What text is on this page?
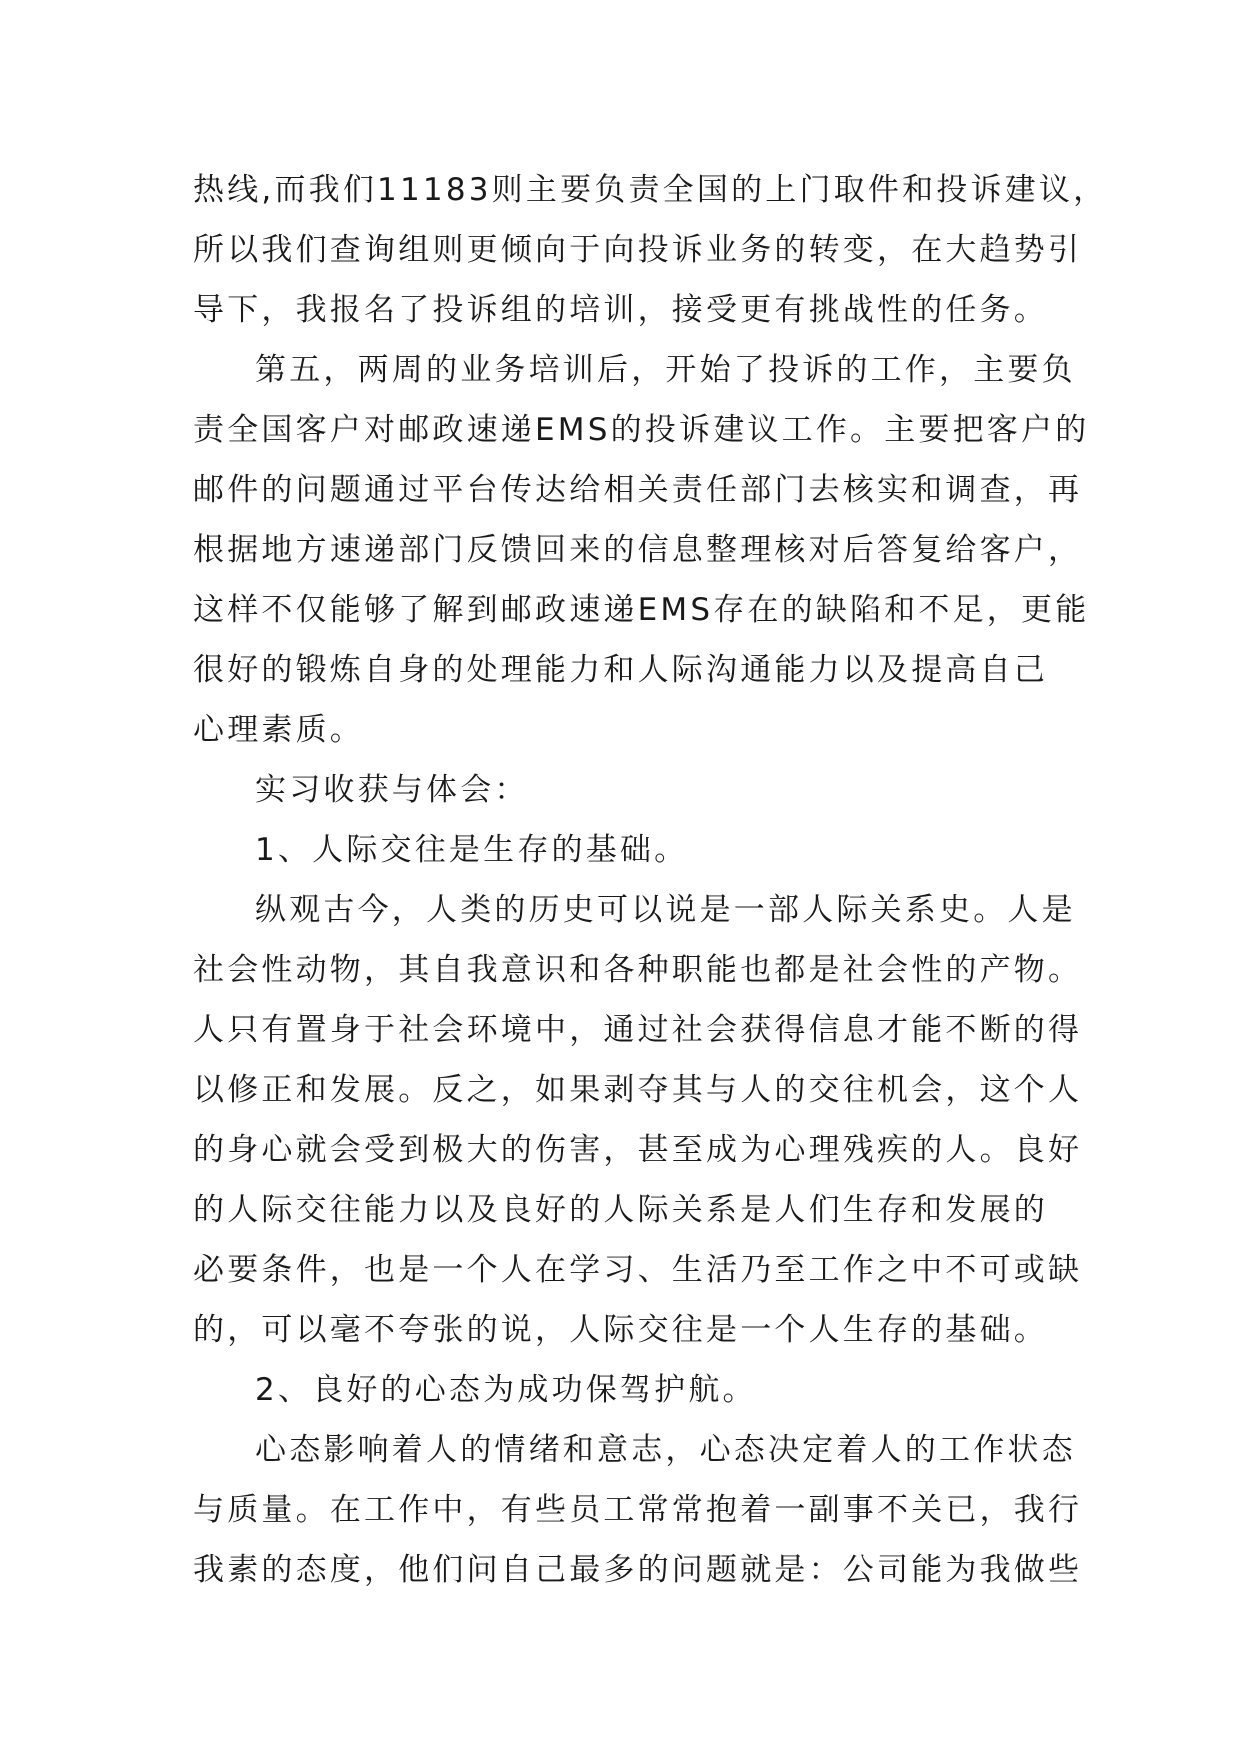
热线,而我们11183则主要负责全国的上门取件和投诉建议，
所以我们查询组则更倾向于向投诉业务的转变，在大趋势引
导下，我报名了投诉组的培训，接受更有挑战性的任务。
第五，两周的业务培训后，开始了投诉的工作，主要负
责全国客户对邮政速递EMS的投诉建议工作。主要把客户的
邮件的问题通过平台传达给相关责任部门去核实和调查，再
根据地方速递部门反馈回来的信息整理核对后答复给客户，
这样不仅能够了解到邮政速递EMS存在的缺陷和不足，更能
很好的锻炼自身的处理能力和人际沟通能力以及提高自己
心理素质。
实习收获与体会：
1、人际交往是生存的基础。
纵观古今，人类的历史可以说是一部人际关系史。人是
社会性动物，其自我意识和各种职能也都是社会性的产物。
人只有置身于社会环境中，通过社会获得信息才能不断的得
以修正和发展。反之，如果剥夺其与人的交往机会，这个人
的身心就会受到极大的伤害，甚至成为心理残疾的人。良好
的人际交往能力以及良好的人际关系是人们生存和发展的
必要条件，也是一个人在学习、生活乃至工作之中不可或缺
的，可以毫不夸张的说，人际交往是一个人生存的基础。
2、良好的心态为成功保驾护航。
心态影响着人的情绪和意志，心态决定着人的工作状态
与质量。在工作中，有些员工常常抱着一副事不关已，我行
我素的态度，他们问自己最多的问题就是：公司能为我做些
